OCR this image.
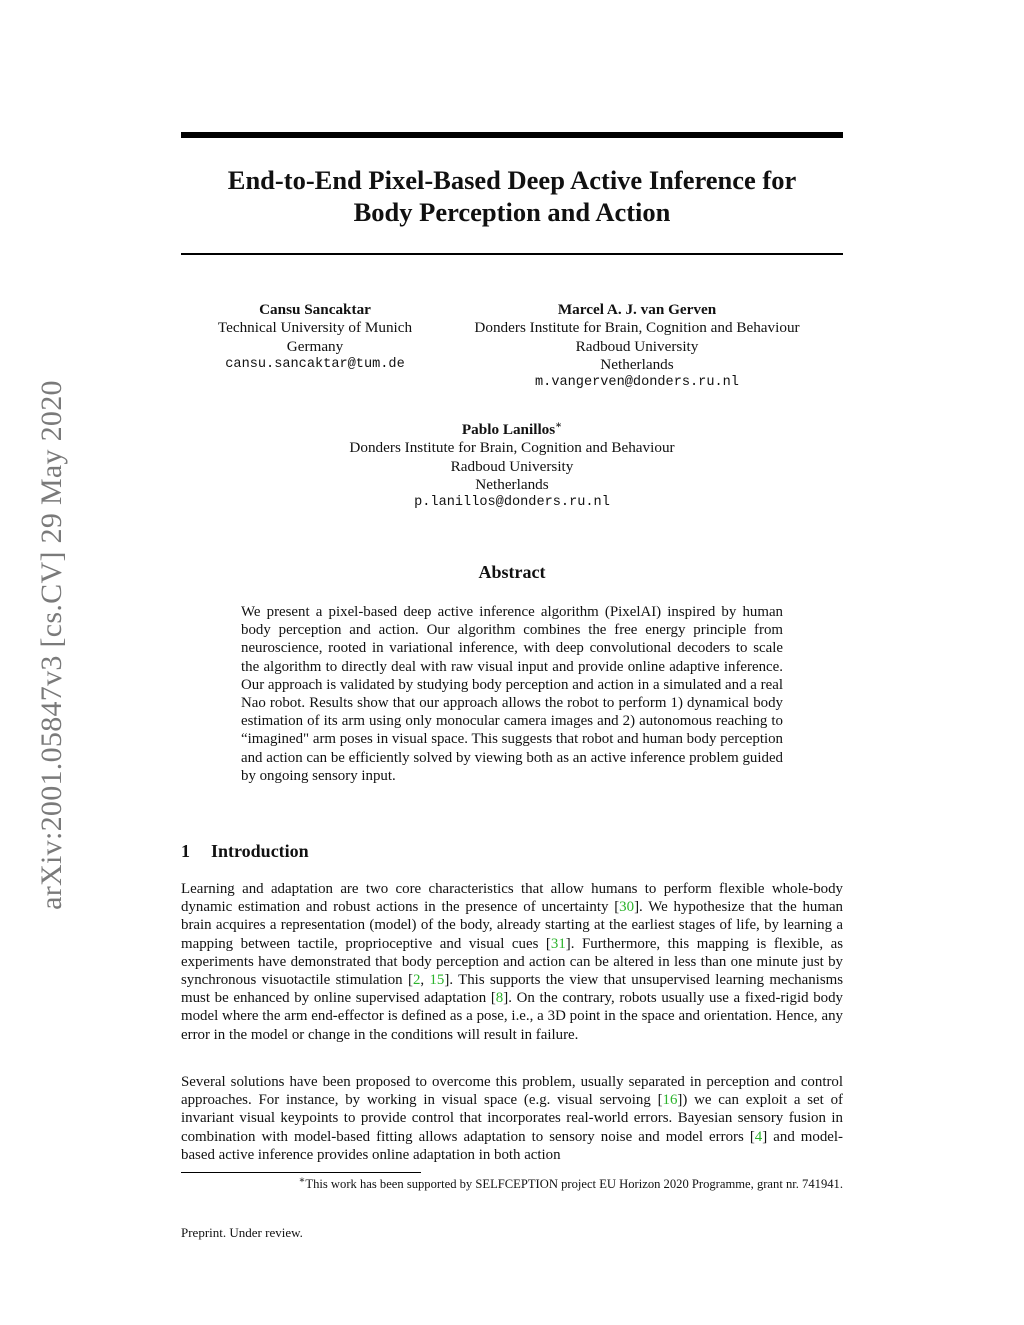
arXiv:2001.05847v3 [cs.CV] 29 May 2020
End-to-End Pixel-Based Deep Active Inference for
Body Perception and Action
Cansu Sancaktar
Technical University of Munich
Germany
cansu.sancaktar@tum.de
Marcel A. J. van Gerven
Donders Institute for Brain, Cognition and Behaviour
Radboud University
Netherlands
m.vangerven@donders.ru.nl
Pablo Lanillos∗
Donders Institute for Brain, Cognition and Behaviour
Radboud University
Netherlands
p.lanillos@donders.ru.nl
Abstract

We present a pixel-based deep active inference algorithm (PixelAI) inspired by human body perception and action. Our algorithm combines the free energy principle from neuroscience, rooted in variational inference, with deep convolutional decoders to scale the algorithm to directly deal with raw visual input and provide online adaptive inference. Our approach is validated by studying body perception and action in a simulated and a real Nao robot. Results show that our approach allows the robot to perform 1) dynamical body estimation of its arm using only monocular camera images and 2) autonomous reaching to “imagined" arm poses in visual space. This suggests that robot and human body perception and action can be efficiently solved by viewing both as an active inference problem guided by ongoing sensory input.

1 Introduction

Learning and adaptation are two core characteristics that allow humans to perform flexible whole-body dynamic estimation and robust actions in the presence of uncertainty [30]. We hypothesize that the human brain acquires a representation (model) of the body, already starting at the earliest stages of life, by learning a mapping between tactile, proprioceptive and visual cues [31]. Furthermore, this mapping is flexible, as experiments have demonstrated that body perception and action can be altered in less than one minute just by synchronous visuotactile stimulation [2, 15]. This supports the view that unsupervised learning mechanisms must be enhanced by online supervised adaptation [8]. On the contrary, robots usually use a fixed-rigid body model where the arm end-effector is defined as a pose, i.e., a 3D point in the space and orientation. Hence, any error in the model or change in the conditions will result in failure.

Several solutions have been proposed to overcome this problem, usually separated in perception and control approaches. For instance, by working in visual space (e.g. visual servoing [16]) we can exploit a set of invariant visual keypoints to provide control that incorporates real-world errors. Bayesian sensory fusion in combination with model-based fitting allows adaptation to sensory noise and model errors [4] and model-based active inference provides online adaptation in both action

∗This work has been supported by SELFCEPTION project EU Horizon 2020 Programme, grant nr. 741941.
Preprint. Under review.
